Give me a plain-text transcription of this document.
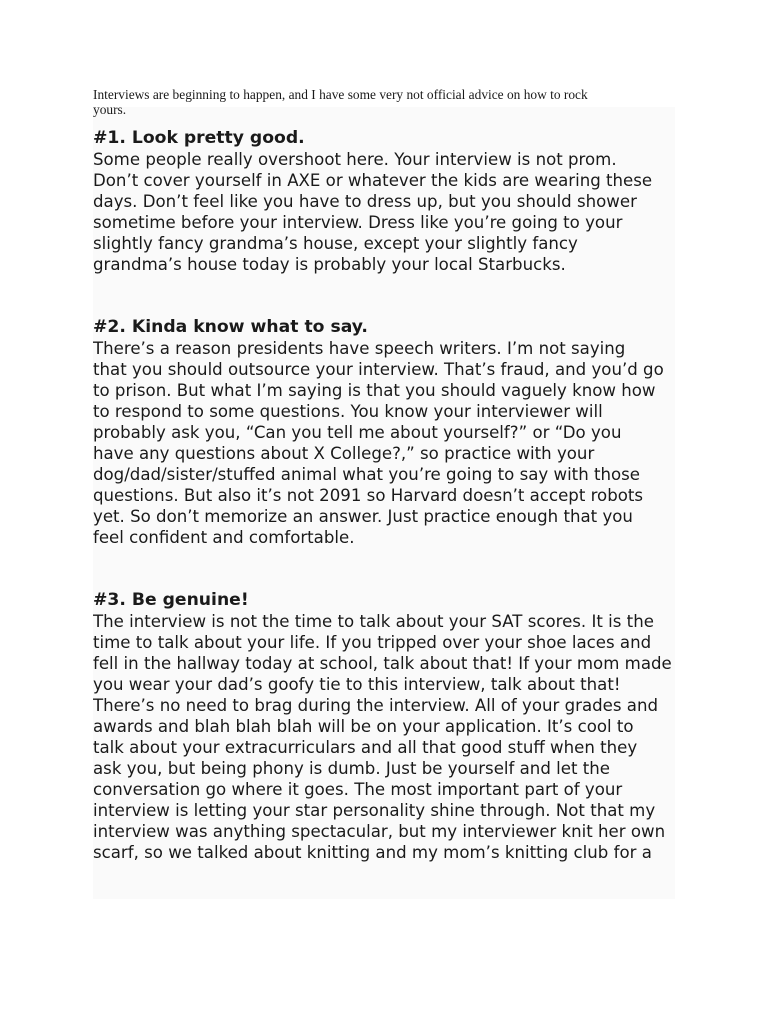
Interviews are beginning to happen, and I have some very not official advice on how to rock
yours.

#1. Look pretty good.
Some people really overshoot here. Your interview is not prom.
Don’t cover yourself in AXE or whatever the kids are wearing these
days. Don’t feel like you have to dress up, but you should shower
sometime before your interview. Dress like you’re going to your
slightly fancy grandma’s house, except your slightly fancy
grandma’s house today is probably your local Starbucks.
#2. Kinda know what to say.
There’s a reason presidents have speech writers. I’m not saying
that you should outsource your interview. That’s fraud, and you’d go
to prison. But what I’m saying is that you should vaguely know how
to respond to some questions. You know your interviewer will
probably ask you, “Can you tell me about yourself?” or “Do you
have any questions about X College?,” so practice with your
dog/dad/sister/stuffed animal what you’re going to say with those
questions. But also it’s not 2091 so Harvard doesn’t accept robots
yet. So don’t memorize an answer. Just practice enough that you
feel confident and comfortable.
#3. Be genuine!
The interview is not the time to talk about your SAT scores. It is the
time to talk about your life. If you tripped over your shoe laces and
fell in the hallway today at school, talk about that! If your mom made
you wear your dad’s goofy tie to this interview, talk about that!
There’s no need to brag during the interview. All of your grades and
awards and blah blah blah will be on your application. It’s cool to
talk about your extracurriculars and all that good stuff when they
ask you, but being phony is dumb. Just be yourself and let the
conversation go where it goes. The most important part of your
interview is letting your star personality shine through. Not that my
interview was anything spectacular, but my interviewer knit her own
scarf, so we talked about knitting and my mom’s knitting club for a
